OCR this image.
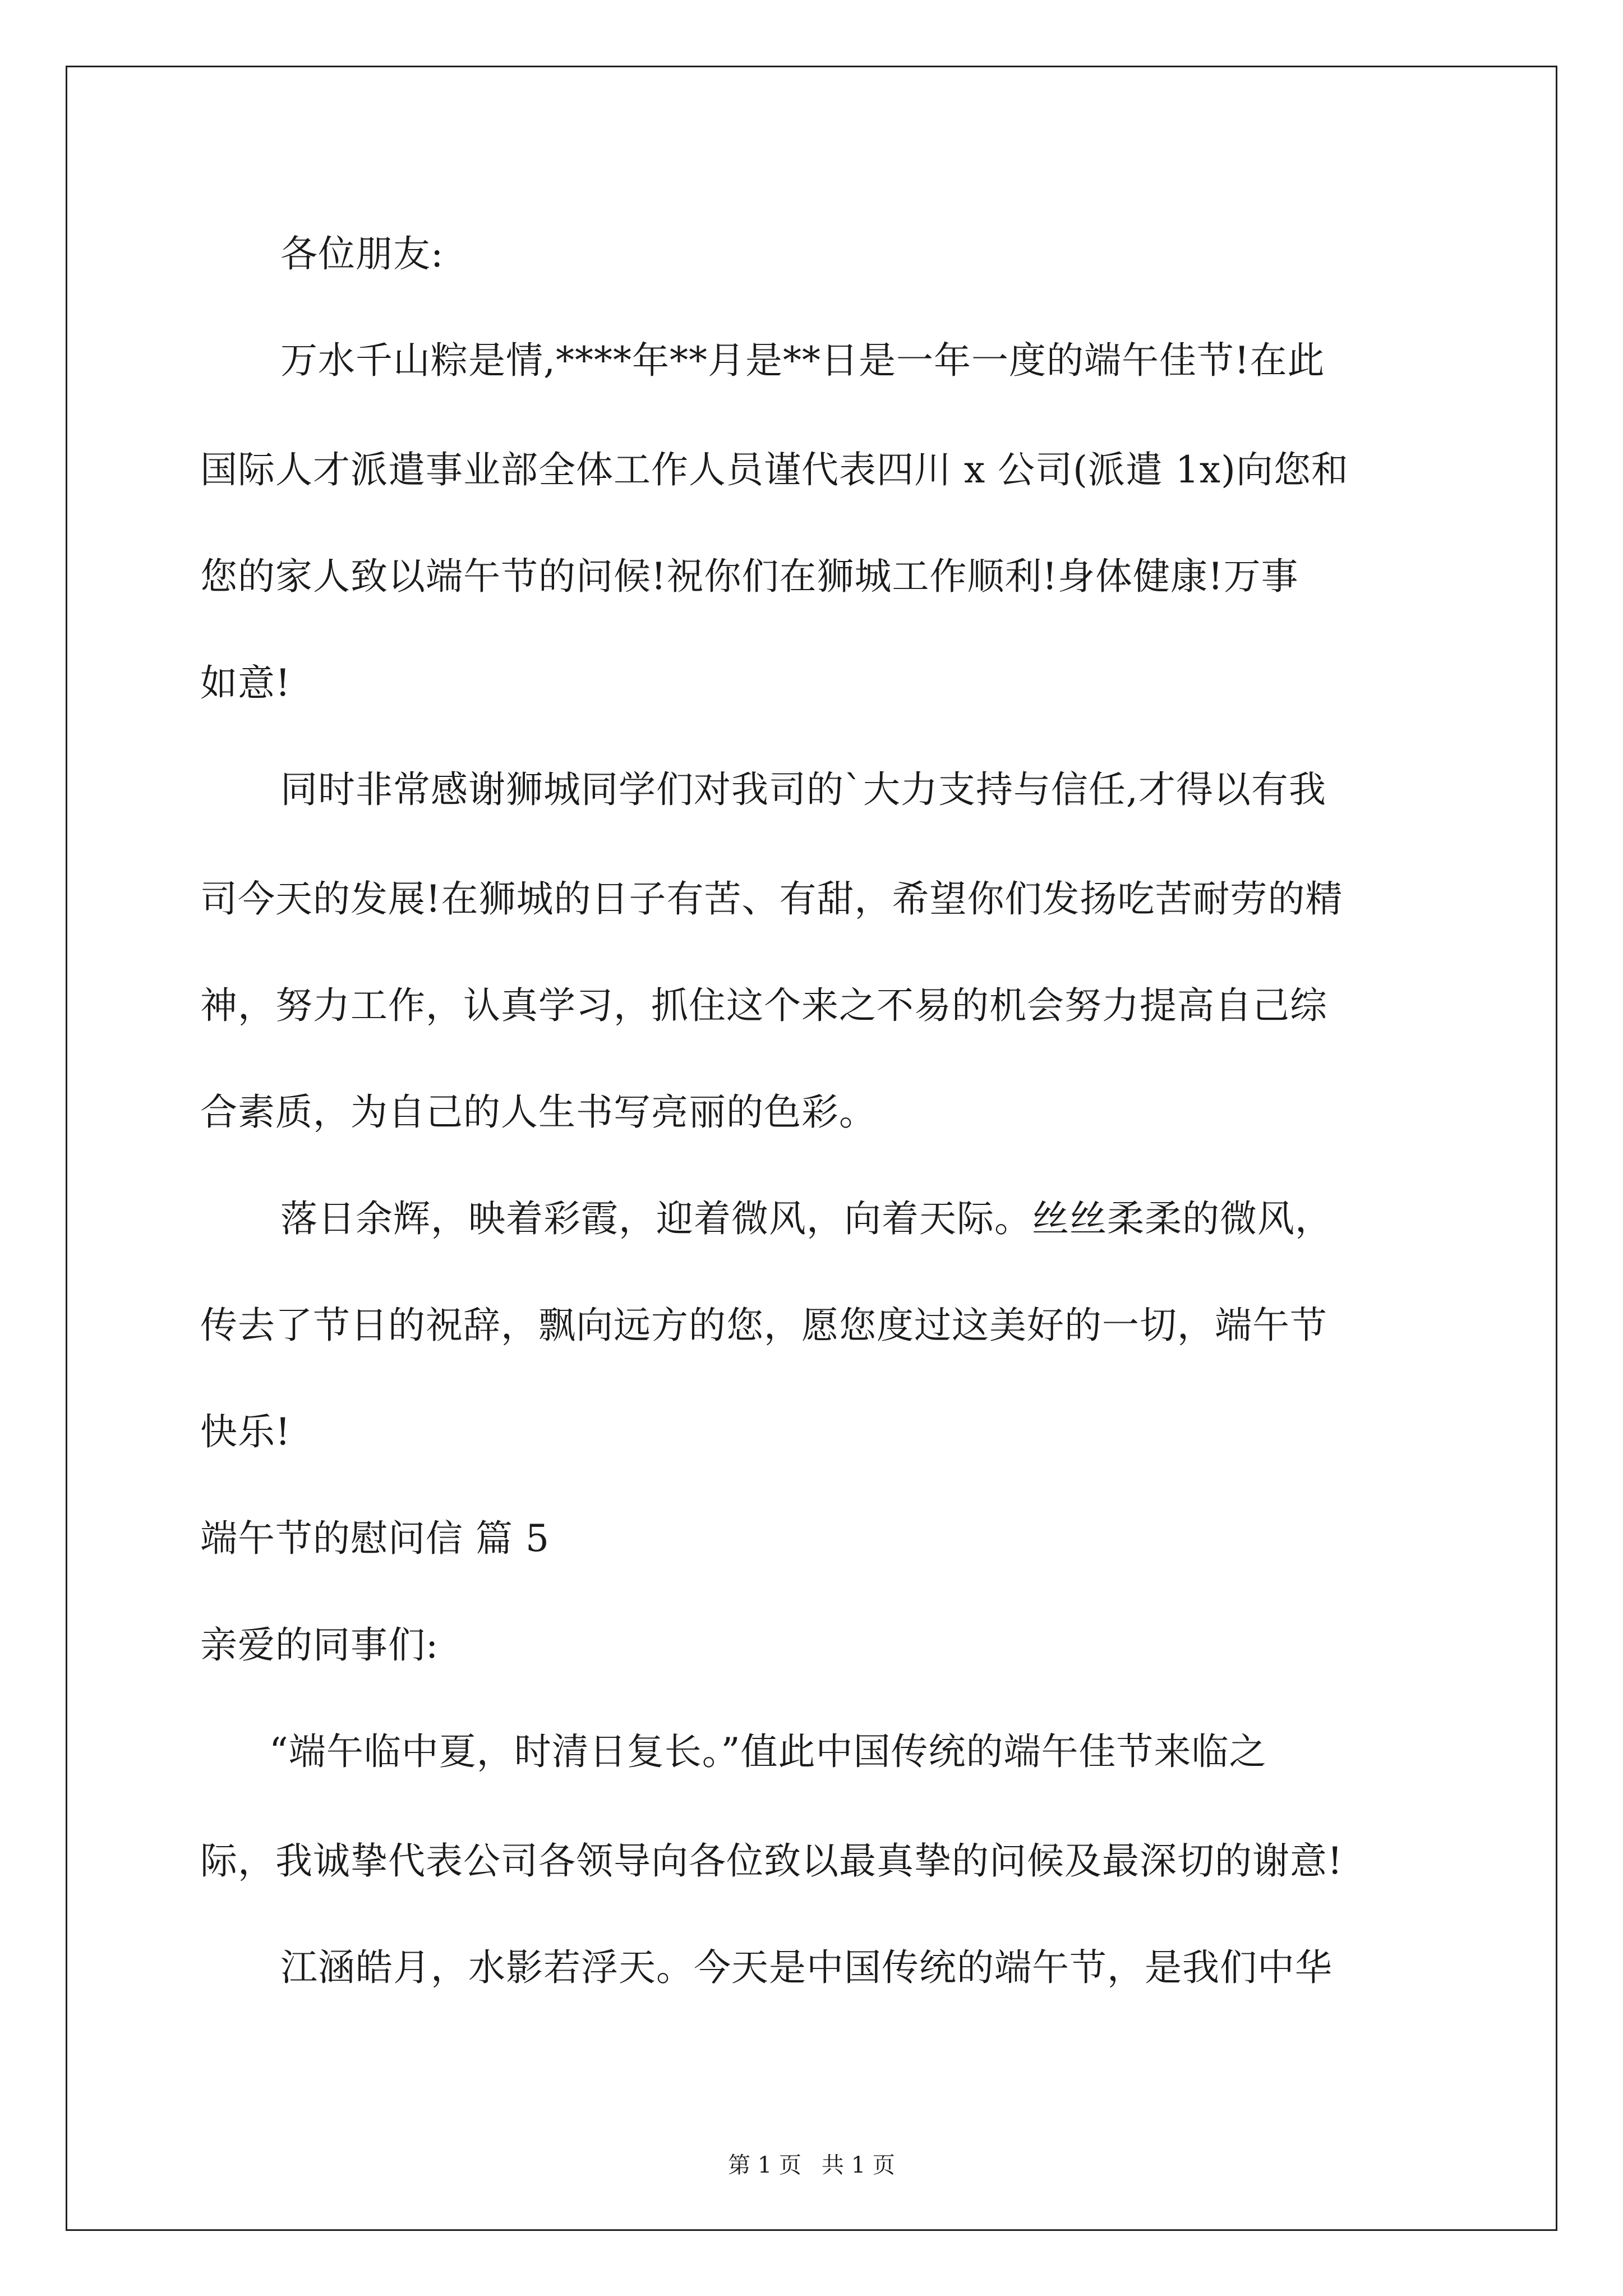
各位朋友:
万水千山粽是情,****年**月是**日是一年一度的端午佳节!在此
国际人才派遣事业部全体工作人员谨代表四川 x 公司(派遣 1x)向您和
您的家人致以端午节的问候!祝你们在狮城工作顺利!身体健康!万事
如意!
同时非常感谢狮城同学们对我司的`大力支持与信任,才得以有我
司今天的发展!在狮城的日子有苦、有甜，希望你们发扬吃苦耐劳的精
神，努力工作，认真学习，抓住这个来之不易的机会努力提高自己综
合素质，为自己的人生书写亮丽的色彩。
落日余辉，映着彩霞，迎着微风，向着天际。丝丝柔柔的微风，
传去了节日的祝辞，飘向远方的您，愿您度过这美好的一切，端午节
快乐!
端午节的慰问信 篇 5
亲爱的同事们:
“端午临中夏，时清日复长。”值此中国传统的端午佳节来临之
际，我诚挚代表公司各领导向各位致以最真挚的问候及最深切的谢意!
江涵皓月，水影若浮天。今天是中国传统的端午节，是我们中华
第 1 页 共 1 页
